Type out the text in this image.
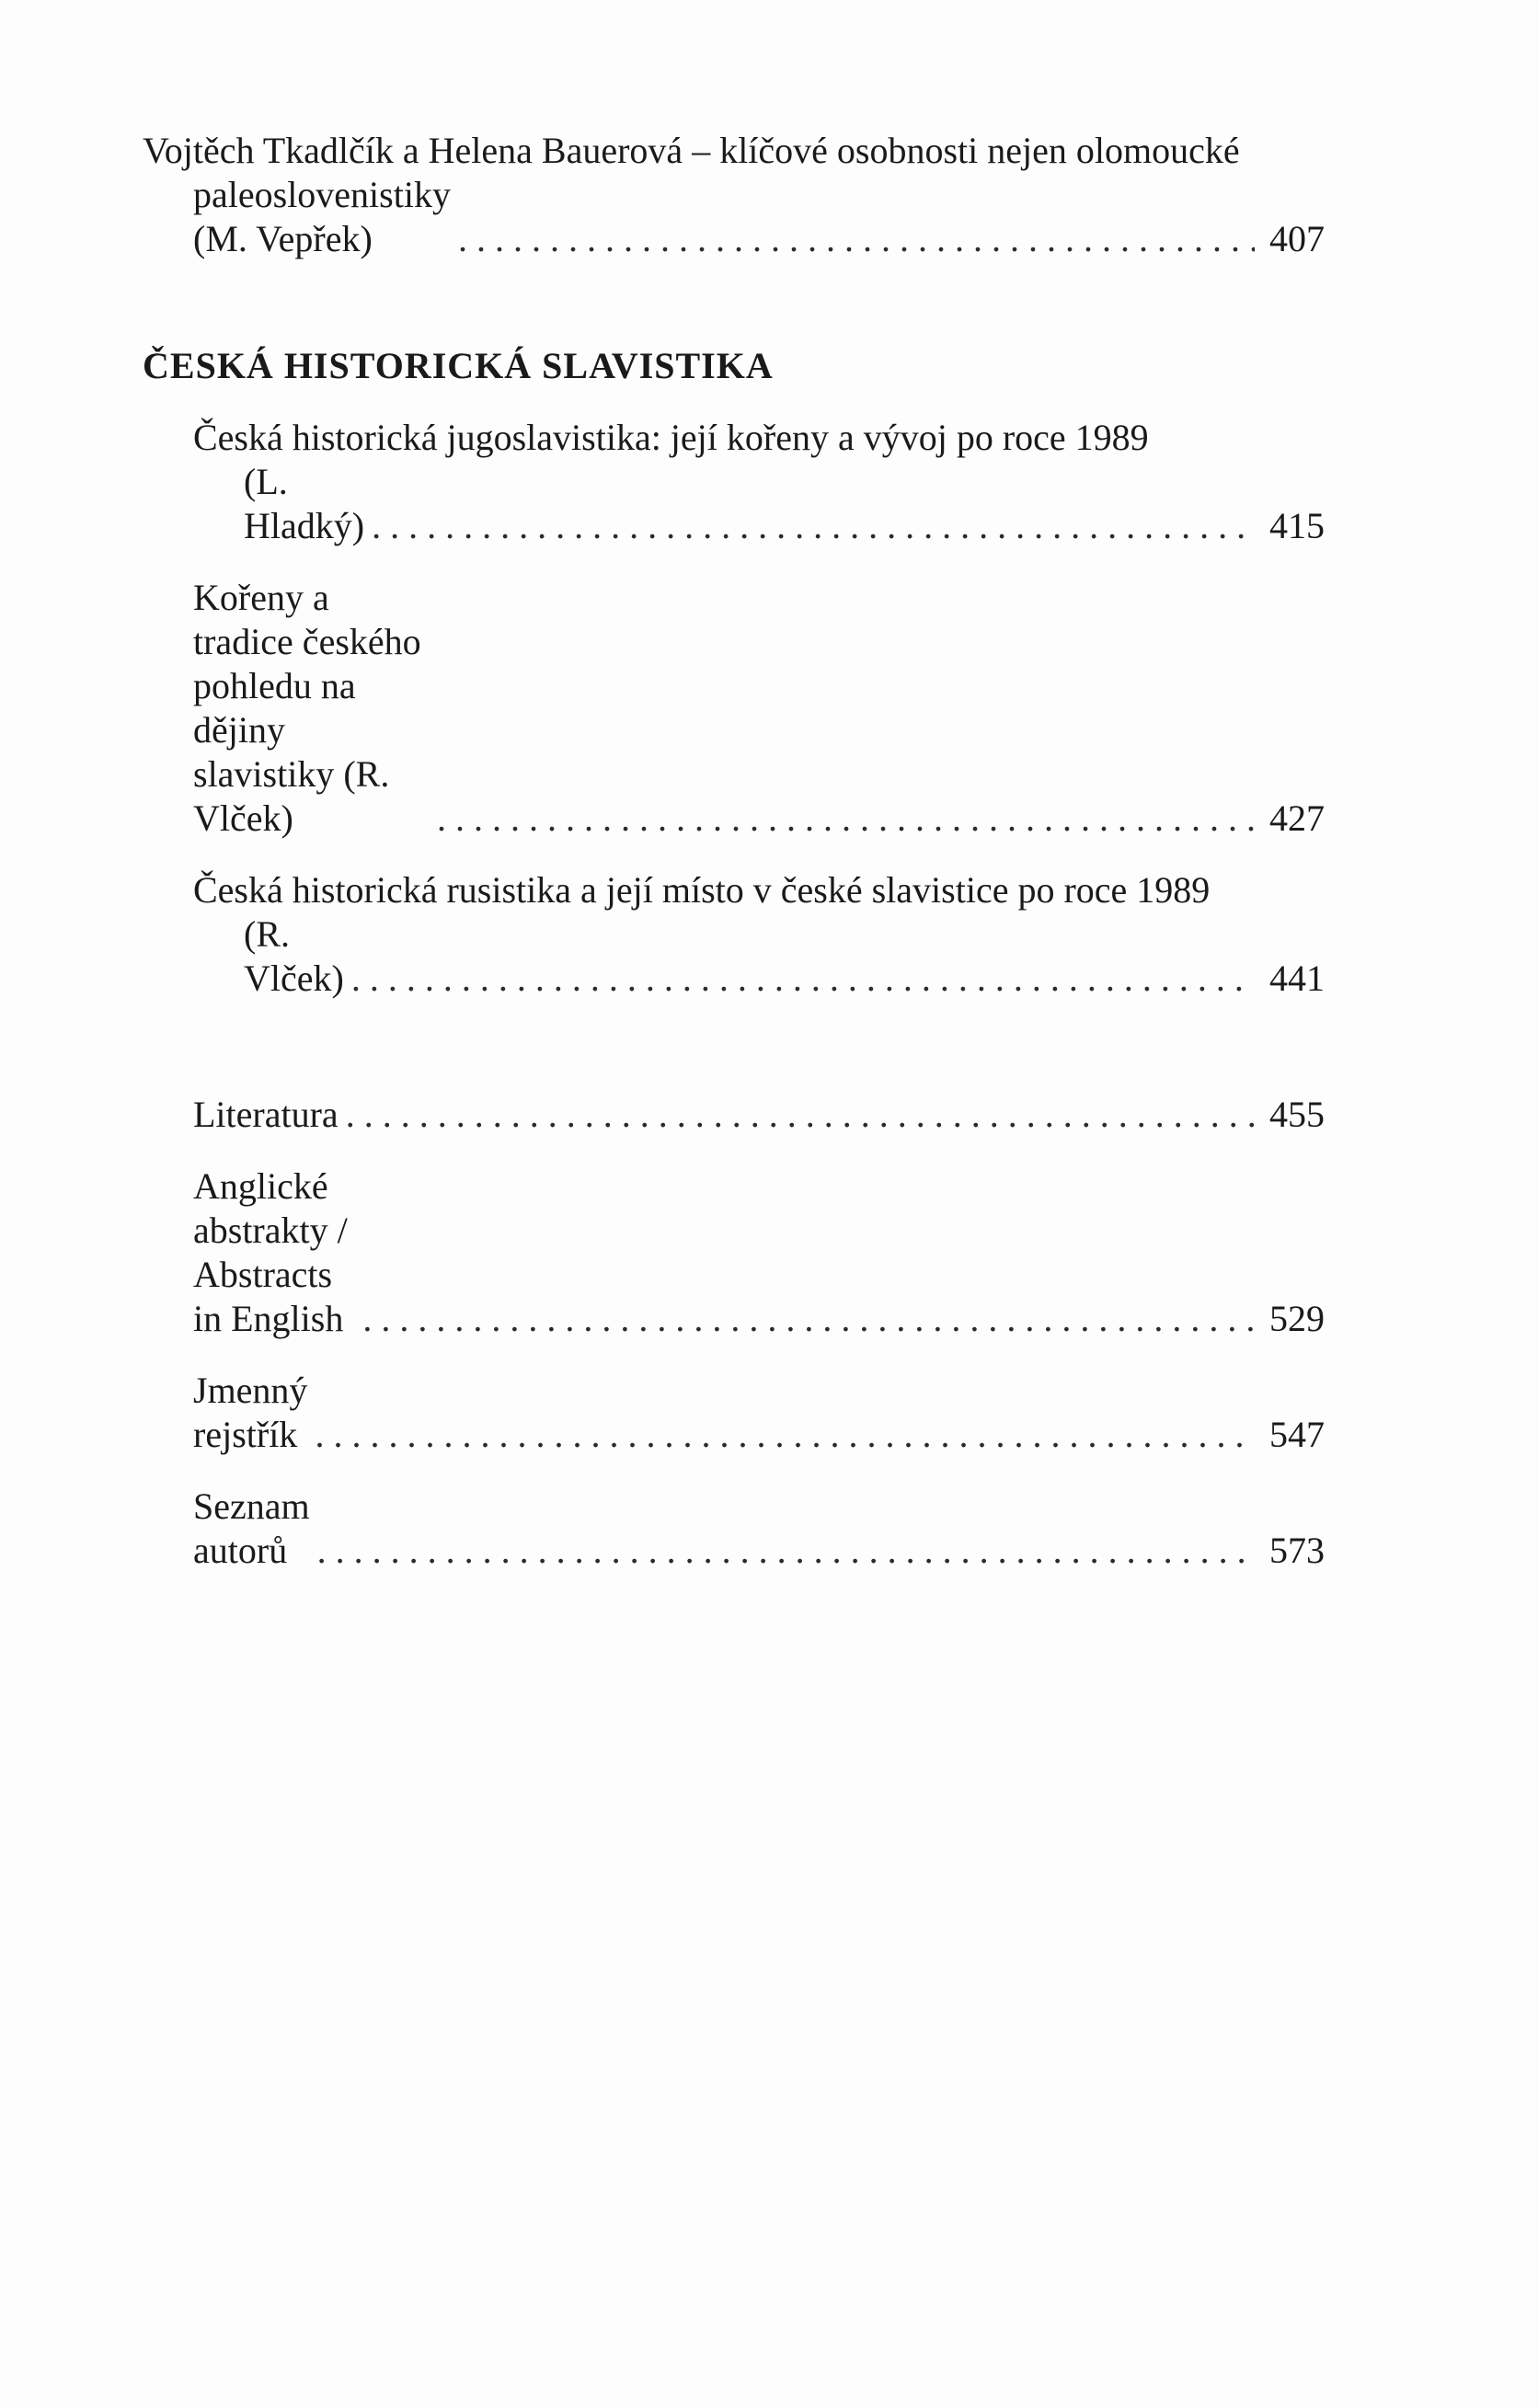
Vojtěch Tkadlčík a Helena Bauerová – klíčové osobnosti nejen olomoucké
paleoslovenistiky (M. Vepřek) . . .	407
ČESKÁ HISTORICKÁ SLAVISTIKA
Česká historická jugoslavistika: její kořeny a vývoj po roce 1989
(L. Hladký) . . .	415
Kořeny a tradice českého pohledu na dějiny slavistiky (R. Vlček) . . .	427
Česká historická rusistika a její místo v české slavistice po roce 1989
(R. Vlček) . . .	441
Literatura . . .	455
Anglické abstrakty / Abstracts in English . . .	529
Jmenný rejstřík . . .	547
Seznam autorů . . .	573
